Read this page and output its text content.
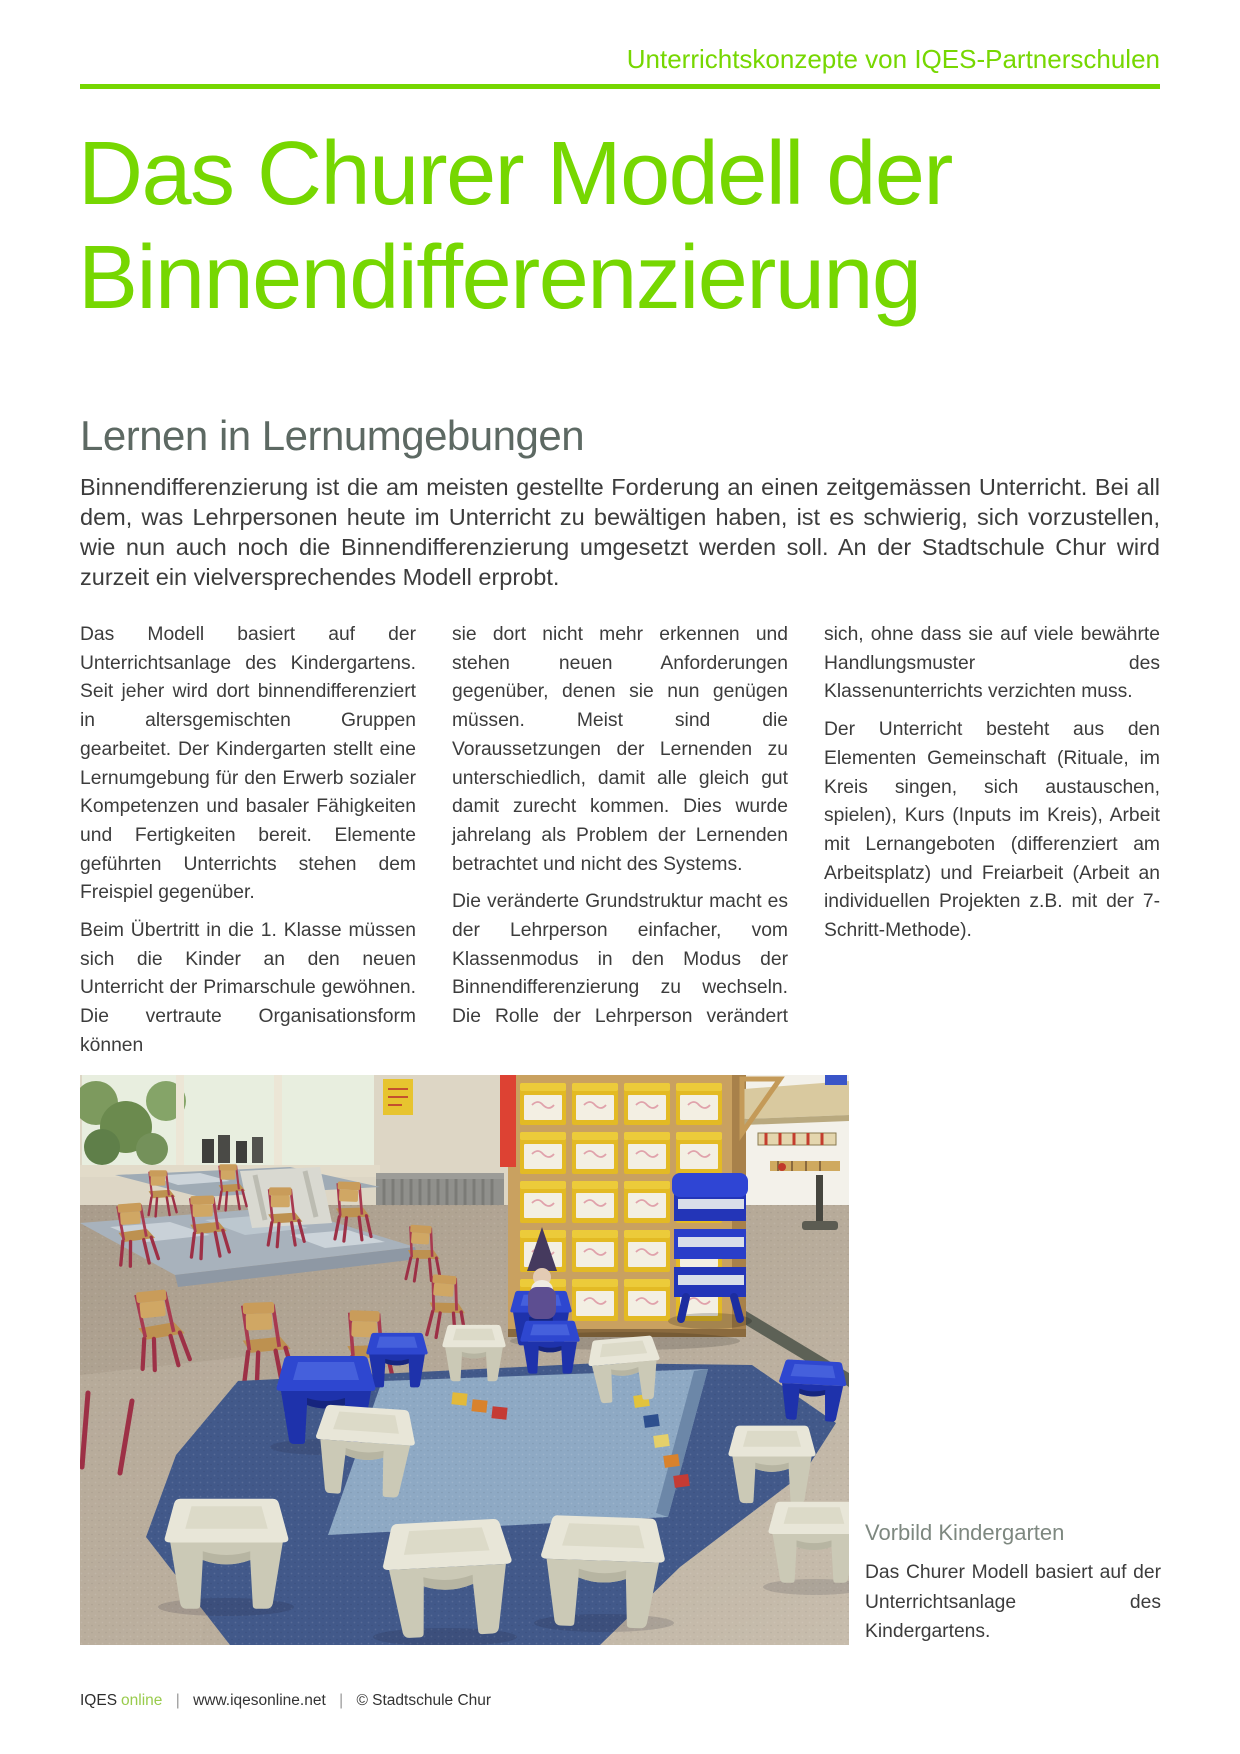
Unterrichtskonzepte von IQES-Partnerschulen
Das Churer Modell der
Binnendifferenzierung
Lernen in Lernumgebungen

Binnendifferenzierung ist die am meisten gestellte Forderung an einen zeitgemässen Unterricht. Bei all dem, was Lehrpersonen heute im Unterricht zu bewältigen haben, ist es schwierig, sich vorzustellen, wie nun auch noch die Binnendifferenzierung umgesetzt werden soll. An der Stadtschule Chur wird zurzeit ein vielversprechendes Modell erprobt.

Das Modell basiert auf der Unterrichtsanlage des Kindergartens. Seit jeher wird dort binnendifferenziert in altersgemischten Gruppen gearbeitet. Der Kindergarten stellt eine Lernumgebung für den Erwerb sozialer Kompetenzen und basaler Fähigkeiten und Fertigkeiten bereit. Elemente geführten Unterrichts stehen dem Freispiel gegenüber.

Beim Übertritt in die 1. Klasse müssen sich die Kinder an den neuen Unterricht der Primarschule gewöhnen. Die vertraute Organisationsform können

sie dort nicht mehr erkennen und stehen neuen Anforderungen gegenüber, denen sie nun genügen müssen. Meist sind die Voraussetzungen der Lernenden zu unterschiedlich, damit alle gleich gut damit zurecht kommen. Dies wurde jahrelang als Problem der Lernenden betrachtet und nicht des Systems.

Die veränderte Grundstruktur macht es der Lehrperson einfacher, vom Klassenmodus in den Modus der Binnendifferenzierung zu wechseln. Die Rolle der Lehrperson verändert

sich, ohne dass sie auf viele bewährte Handlungsmuster des Klassenunterrichts verzichten muss.

Der Unterricht besteht aus den Elementen Gemeinschaft (Rituale, im Kreis singen, sich austauschen, spielen), Kurs (Inputs im Kreis), Arbeit mit Lernangeboten (differenziert am Arbeitsplatz) und Freiarbeit (Arbeit an individuellen Projekten z.B. mit der 7-Schritt-Methode).

Vorbild Kindergarten

Das Churer Modell basiert auf der Unterrichtsanlage des Kindergartens.

IQES online | www.iqesonline.net | © Stadtschule Chur
